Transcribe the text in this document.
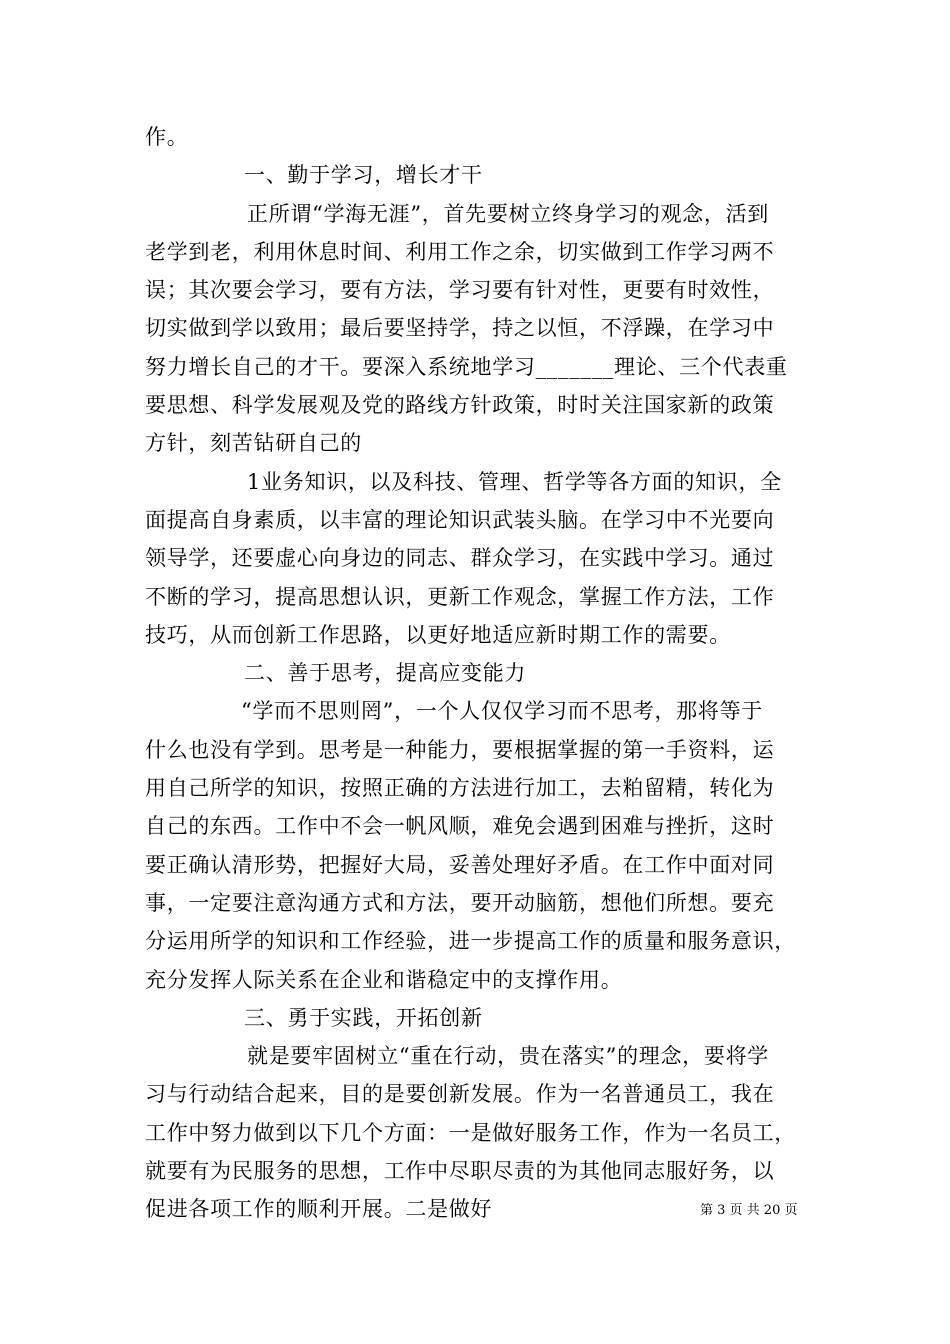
作。
一、勤于学习，增长才干
正所谓“学海无涯”，首先要树立终身学习的观念，活到
老学到老，利用休息时间、利用工作之余，切实做到工作学习两不
误；其次要会学习，要有方法，学习要有针对性，更要有时效性，
切实做到学以致用；最后要坚持学，持之以恒，不浮躁，在学习中
努力增长自己的才干。要深入系统地学习_______理论、三个代表重
要思想、科学发展观及党的路线方针政策，时时关注国家新的政策
方针，刻苦钻研自己的
1业务知识，以及科技、管理、哲学等各方面的知识，全
面提高自身素质，以丰富的理论知识武装头脑。在学习中不光要向
领导学，还要虚心向身边的同志、群众学习，在实践中学习。通过
不断的学习，提高思想认识，更新工作观念，掌握工作方法，工作
技巧，从而创新工作思路，以更好地适应新时期工作的需要。
二、善于思考，提高应变能力
“学而不思则罔”，一个人仅仅学习而不思考，那将等于
什么也没有学到。思考是一种能力，要根据掌握的第一手资料，运
用自己所学的知识，按照正确的方法进行加工，去粕留精，转化为
自己的东西。工作中不会一帆风顺，难免会遇到困难与挫折，这时
要正确认清形势，把握好大局，妥善处理好矛盾。在工作中面对同
事，一定要注意沟通方式和方法，要开动脑筋，想他们所想。要充
分运用所学的知识和工作经验，进一步提高工作的质量和服务意识，
充分发挥人际关系在企业和谐稳定中的支撑作用。
三、勇于实践，开拓创新
就是要牢固树立“重在行动，贵在落实”的理念，要将学
习与行动结合起来，目的是要创新发展。作为一名普通员工，我在
工作中努力做到以下几个方面：一是做好服务工作，作为一名员工，
就要有为民服务的思想，工作中尽职尽责的为其他同志服好务，以
促进各项工作的顺利开展。二是做好	第 3 页 共 20 页
